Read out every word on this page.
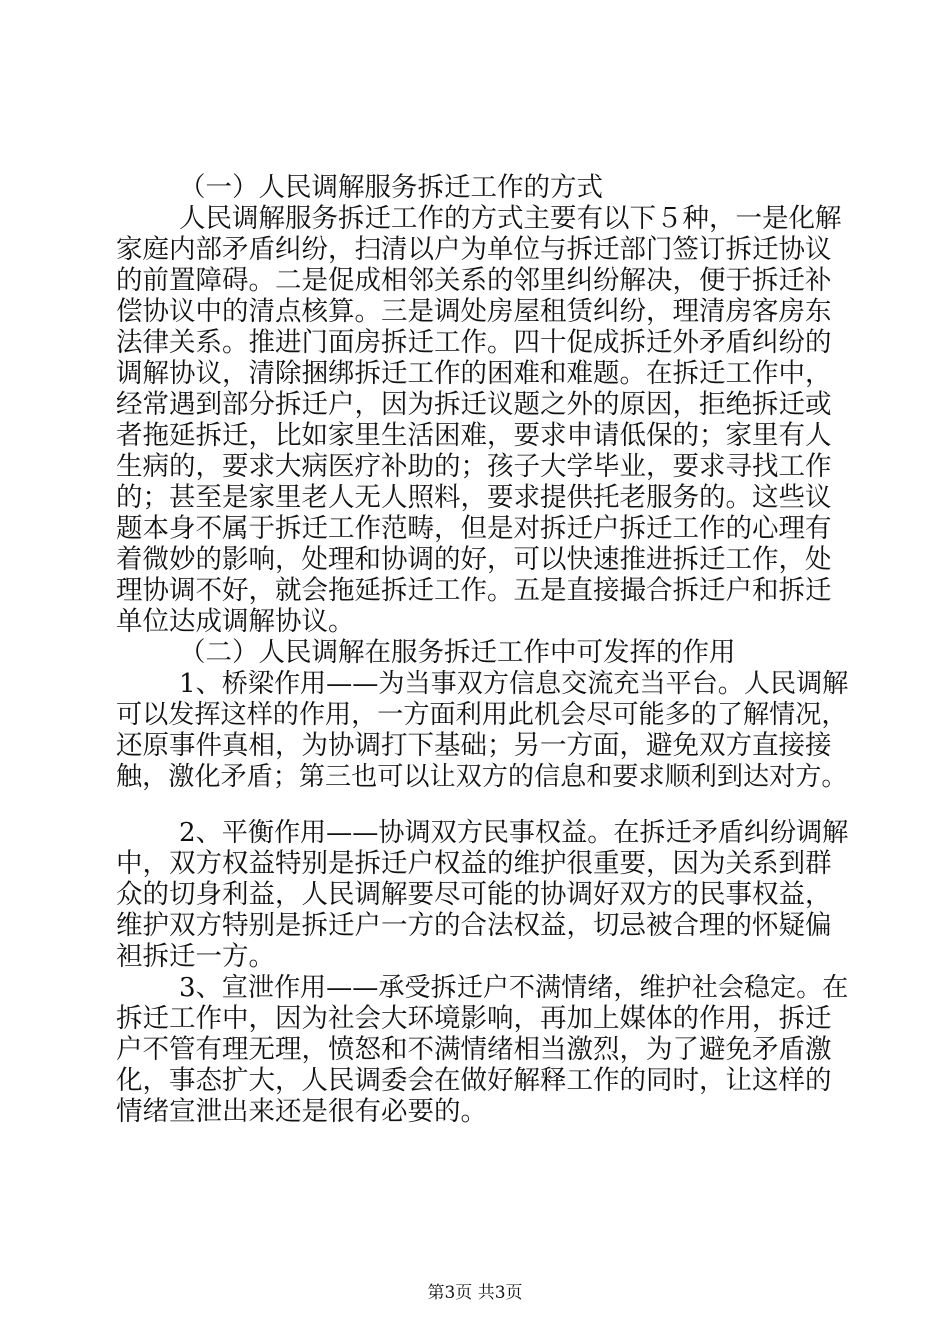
（一）人民调解服务拆迁工作的方式
人民调解服务拆迁工作的方式主要有以下５种，一是化解
家庭内部矛盾纠纷，扫清以户为单位与拆迁部门签订拆迁协议
的前置障碍。二是促成相邻关系的邻里纠纷解决，便于拆迁补
偿协议中的清点核算。三是调处房屋租赁纠纷，理清房客房东
法律关系。推进门面房拆迁工作。四十促成拆迁外矛盾纠纷的
调解协议，清除捆绑拆迁工作的困难和难题。在拆迁工作中，
经常遇到部分拆迁户，因为拆迁议题之外的原因，拒绝拆迁或
者拖延拆迁，比如家里生活困难，要求申请低保的；家里有人
生病的，要求大病医疗补助的；孩子大学毕业，要求寻找工作
的；甚至是家里老人无人照料，要求提供托老服务的。这些议
题本身不属于拆迁工作范畴，但是对拆迁户拆迁工作的心理有
着微妙的影响，处理和协调的好，可以快速推进拆迁工作，处
理协调不好，就会拖延拆迁工作。五是直接撮合拆迁户和拆迁
单位达成调解协议。
（二）人民调解在服务拆迁工作中可发挥的作用
1、桥梁作用——为当事双方信息交流充当平台。人民调解
可以发挥这样的作用，一方面利用此机会尽可能多的了解情况，
还原事件真相，为协调打下基础；另一方面，避免双方直接接
触，激化矛盾；第三也可以让双方的信息和要求顺利到达对方。
2、平衡作用——协调双方民事权益。在拆迁矛盾纠纷调解
中，双方权益特别是拆迁户权益的维护很重要，因为关系到群
众的切身利益，人民调解要尽可能的协调好双方的民事权益，
维护双方特别是拆迁户一方的合法权益，切忌被合理的怀疑偏
袒拆迁一方。
3、宣泄作用——承受拆迁户不满情绪，维护社会稳定。在
拆迁工作中，因为社会大环境影响，再加上媒体的作用，拆迁
户不管有理无理，愤怒和不满情绪相当激烈，为了避免矛盾激
化，事态扩大，人民调委会在做好解释工作的同时，让这样的
情绪宣泄出来还是很有必要的。
第3页 共3页
